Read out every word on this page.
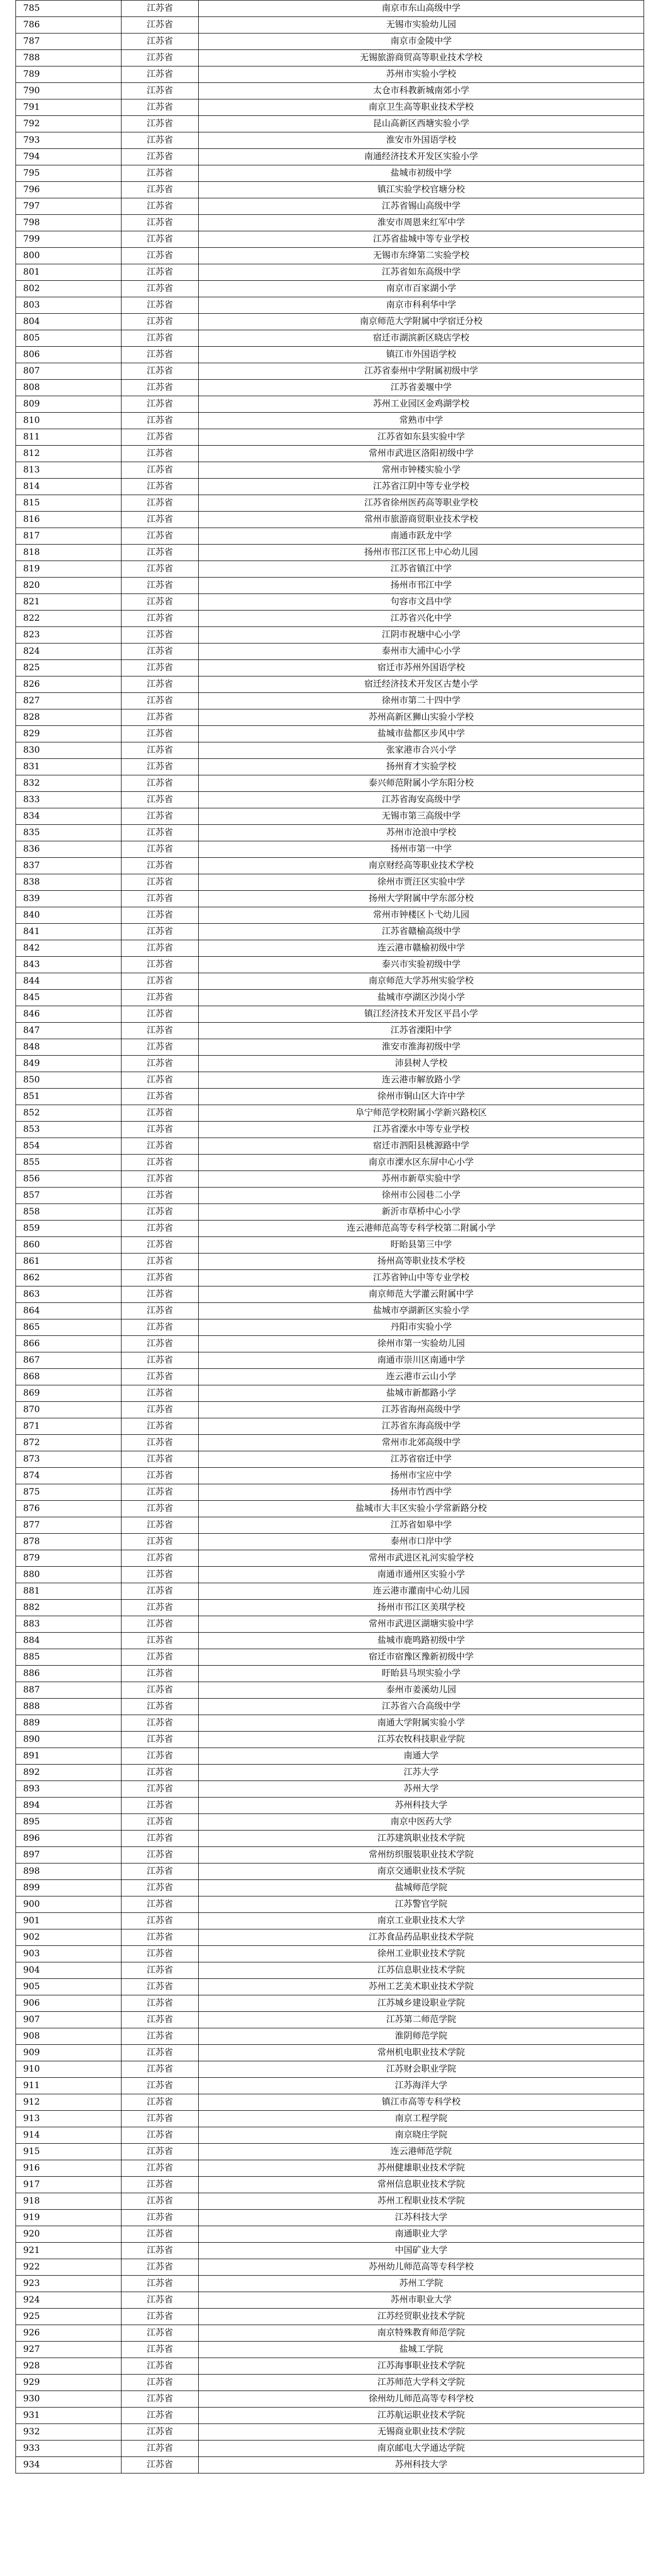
785	江苏省	南京市东山高级中学
786	江苏省	无锡市实验幼儿园
787	江苏省	南京市金陵中学
788	江苏省	无锡旅游商贸高等职业技术学校
789	江苏省	苏州市实验小学校
790	江苏省	太仓市科教新城南郊小学
791	江苏省	南京卫生高等职业技术学校
792	江苏省	昆山高新区西塘实验小学
793	江苏省	淮安市外国语学校
794	江苏省	南通经济技术开发区实验小学
795	江苏省	盐城市初级中学
796	江苏省	镇江实验学校官塘分校
797	江苏省	江苏省锡山高级中学
798	江苏省	淮安市周恩来红军中学
799	江苏省	江苏省盐城中等专业学校
800	江苏省	无锡市东绛第二实验学校
801	江苏省	江苏省如东高级中学
802	江苏省	南京市百家湖小学
803	江苏省	南京市科利华中学
804	江苏省	南京师范大学附属中学宿迁分校
805	江苏省	宿迁市湖滨新区晓店学校
806	江苏省	镇江市外国语学校
807	江苏省	江苏省泰州中学附属初级中学
808	江苏省	江苏省姜堰中学
809	江苏省	苏州工业园区金鸡湖学校
810	江苏省	常熟市中学
811	江苏省	江苏省如东县实验中学
812	江苏省	常州市武进区洛阳初级中学
813	江苏省	常州市钟楼实验小学
814	江苏省	江苏省江阴中等专业学校
815	江苏省	江苏省徐州医药高等职业学校
816	江苏省	常州市旅游商贸职业技术学校
817	江苏省	南通市跃龙中学
818	江苏省	扬州市邗江区邗上中心幼儿园
819	江苏省	江苏省镇江中学
820	江苏省	扬州市邗江中学
821	江苏省	句容市文昌中学
822	江苏省	江苏省兴化中学
823	江苏省	江阴市祝塘中心小学
824	江苏省	泰州市大浦中心小学
825	江苏省	宿迁市苏州外国语学校
826	江苏省	宿迁经济技术开发区古楚小学
827	江苏省	徐州市第二十四中学
828	江苏省	苏州高新区狮山实验小学校
829	江苏省	盐城市盐都区步风中学
830	江苏省	张家港市合兴小学
831	江苏省	扬州育才实验学校
832	江苏省	泰兴师范附属小学东阳分校
833	江苏省	江苏省海安高级中学
834	江苏省	无锡市第三高级中学
835	江苏省	苏州市沧浪中学校
836	江苏省	扬州市第一中学
837	江苏省	南京财经高等职业技术学校
838	江苏省	徐州市贾汪区实验中学
839	江苏省	扬州大学附属中学东部分校
840	江苏省	常州市钟楼区卜弋幼儿园
841	江苏省	江苏省赣榆高级中学
842	江苏省	连云港市赣榆初级中学
843	江苏省	泰兴市实验初级中学
844	江苏省	南京师范大学苏州实验学校
845	江苏省	盐城市亭湖区沙岗小学
846	江苏省	镇江经济技术开发区平昌小学
847	江苏省	江苏省溧阳中学
848	江苏省	淮安市淮海初级中学
849	江苏省	沛县树人学校
850	江苏省	连云港市解放路小学
851	江苏省	徐州市铜山区大许中学
852	江苏省	阜宁师范学校附属小学新兴路校区
853	江苏省	江苏省溧水中等专业学校
854	江苏省	宿迁市泗阳县桃源路中学
855	江苏省	南京市溧水区东屏中心小学
856	江苏省	苏州市新草实验中学
857	江苏省	徐州市公园巷二小学
858	江苏省	新沂市草桥中心小学
859	江苏省	连云港师范高等专科学校第二附属小学
860	江苏省	盱眙县第三中学
861	江苏省	扬州高等职业技术学校
862	江苏省	江苏省钟山中等专业学校
863	江苏省	南京师范大学灌云附属中学
864	江苏省	盐城市亭湖新区实验小学
865	江苏省	丹阳市实验小学
866	江苏省	徐州市第一实验幼儿园
867	江苏省	南通市崇川区南通中学
868	江苏省	连云港市云山小学
869	江苏省	盐城市新都路小学
870	江苏省	江苏省海州高级中学
871	江苏省	江苏省东海高级中学
872	江苏省	常州市北郊高级中学
873	江苏省	江苏省宿迁中学
874	江苏省	扬州市宝应中学
875	江苏省	扬州市竹西中学
876	江苏省	盐城市大丰区实验小学常新路分校
877	江苏省	江苏省如皋中学
878	江苏省	泰州市口岸中学
879	江苏省	常州市武进区礼河实验学校
880	江苏省	南通市通州区实验小学
881	江苏省	连云港市灌南中心幼儿园
882	江苏省	扬州市邗江区美琪学校
883	江苏省	常州市武进区湖塘实验中学
884	江苏省	盐城市鹿鸣路初级中学
885	江苏省	宿迁市宿豫区豫新初级中学
886	江苏省	盱眙县马坝实验小学
887	江苏省	泰州市姜溪幼儿园
888	江苏省	江苏省六合高级中学
889	江苏省	南通大学附属实验小学
890	江苏省	江苏农牧科技职业学院
891	江苏省	南通大学
892	江苏省	江苏大学
893	江苏省	苏州大学
894	江苏省	苏州科技大学
895	江苏省	南京中医药大学
896	江苏省	江苏建筑职业技术学院
897	江苏省	常州纺织服装职业技术学院
898	江苏省	南京交通职业技术学院
899	江苏省	盐城师范学院
900	江苏省	江苏警官学院
901	江苏省	南京工业职业技术大学
902	江苏省	江苏食品药品职业技术学院
903	江苏省	徐州工业职业技术学院
904	江苏省	江苏信息职业技术学院
905	江苏省	苏州工艺美术职业技术学院
906	江苏省	江苏城乡建设职业学院
907	江苏省	江苏第二师范学院
908	江苏省	淮阴师范学院
909	江苏省	常州机电职业技术学院
910	江苏省	江苏财会职业学院
911	江苏省	江苏海洋大学
912	江苏省	镇江市高等专科学校
913	江苏省	南京工程学院
914	江苏省	南京晓庄学院
915	江苏省	连云港师范学院
916	江苏省	苏州健雄职业技术学院
917	江苏省	常州信息职业技术学院
918	江苏省	苏州工程职业技术学院
919	江苏省	江苏科技大学
920	江苏省	南通职业大学
921	江苏省	中国矿业大学
922	江苏省	苏州幼儿师范高等专科学校
923	江苏省	苏州工学院
924	江苏省	苏州市职业大学
925	江苏省	江苏经贸职业技术学院
926	江苏省	南京特殊教育师范学院
927	江苏省	盐城工学院
928	江苏省	江苏海事职业技术学院
929	江苏省	江苏师范大学科文学院
930	江苏省	徐州幼儿师范高等专科学校
931	江苏省	江苏航运职业技术学院
932	江苏省	无锡商业职业技术学院
933	江苏省	南京邮电大学通达学院
934	江苏省	苏州科技大学
